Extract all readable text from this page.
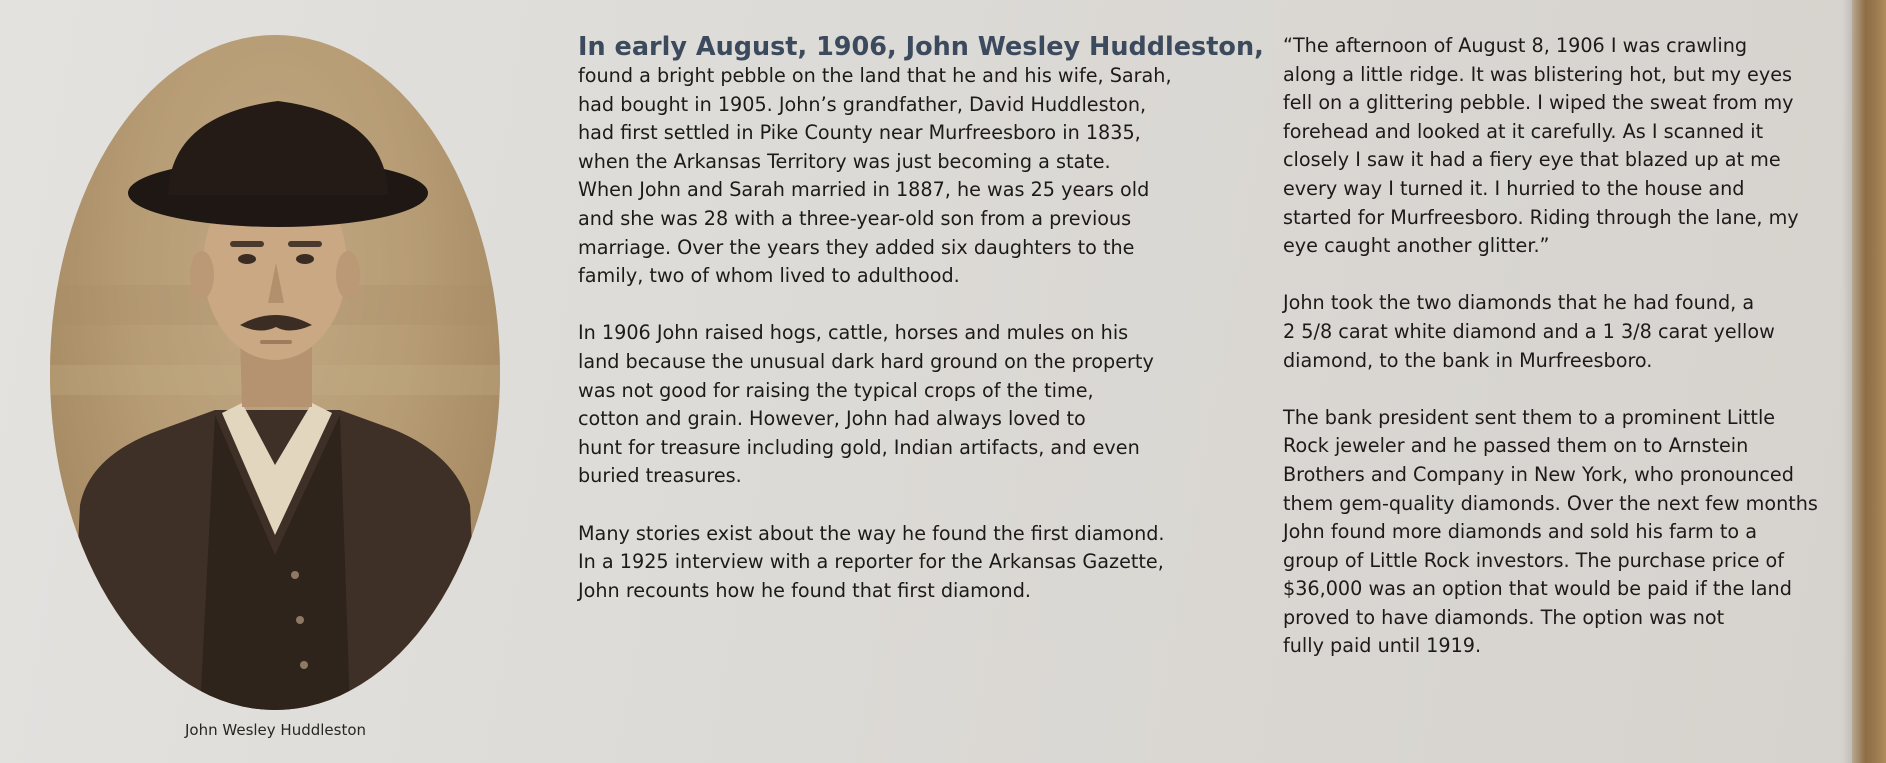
John Wesley Huddleston

In early August, 1906, John Wesley Huddleston,

found a bright pebble on the land that he and his wife, Sarah,

had bought in 1905. John’s grandfather, David Huddleston,

had first settled in Pike County near Murfreesboro in 1835,

when the Arkansas Territory was just becoming a state.

When John and Sarah married in 1887, he was 25 years old

and she was 28 with a three-year-old son from a previous

marriage. Over the years they added six daughters to the

family, two of whom lived to adulthood.

In 1906 John raised hogs, cattle, horses and mules on his

land because the unusual dark hard ground on the property

was not good for raising the typical crops of the time,

cotton and grain. However, John had always loved to

hunt for treasure including gold, Indian artifacts, and even

buried treasures.

Many stories exist about the way he found the first diamond.

In a 1925 interview with a reporter for the Arkansas Gazette,

John recounts how he found that first diamond.

“The afternoon of August 8, 1906 I was crawling

along a little ridge. It was blistering hot, but my eyes

fell on a glittering pebble. I wiped the sweat from my

forehead and looked at it carefully. As I scanned it

closely I saw it had a fiery eye that blazed up at me

every way I turned it. I hurried to the house and

started for Murfreesboro. Riding through the lane, my

eye caught another glitter.”

John took the two diamonds that he had found, a

2 5/8 carat white diamond and a 1 3/8 carat yellow

diamond, to the bank in Murfreesboro.

The bank president sent them to a prominent Little

Rock jeweler and he passed them on to Arnstein

Brothers and Company in New York, who pronounced

them gem-quality diamonds. Over the next few months

John found more diamonds and sold his farm to a

group of Little Rock investors. The purchase price of

$36,000 was an option that would be paid if the land

proved to have diamonds. The option was not

fully paid until 1919.
